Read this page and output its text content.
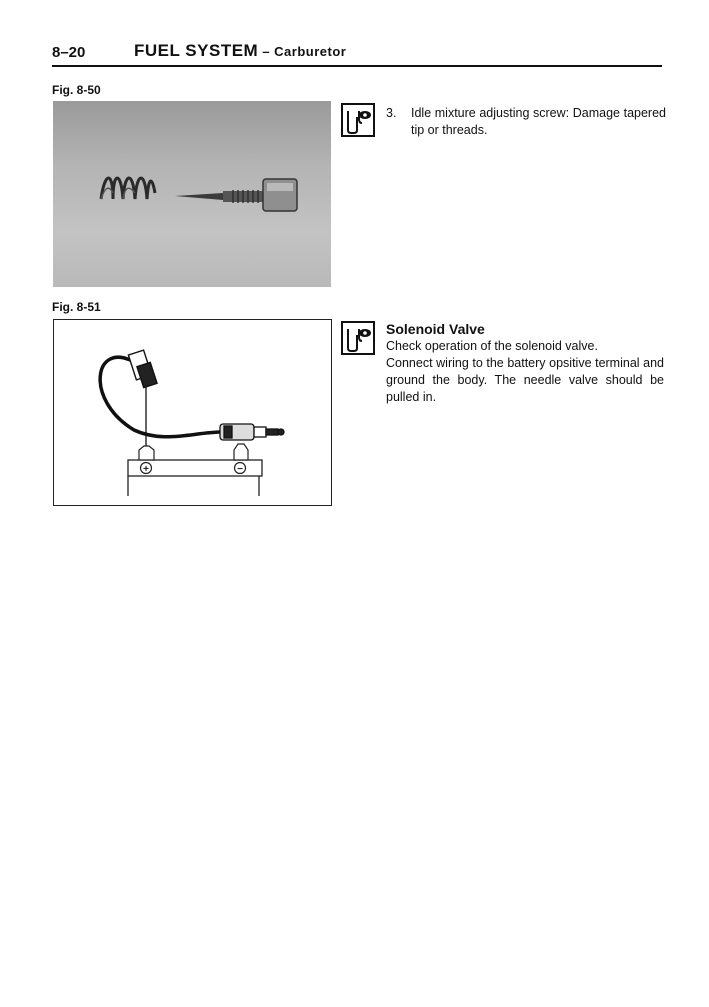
8–20	FUEL SYSTEM – Carburetor
Fig. 8-50
Fig. 8-51
+	−
3. Idle mixture adjusting screw: Damage tapered tip or threads.
Solenoid Valve
Check operation of the solenoid valve.
Connect wiring to the battery opsitive terminal and ground the body. The needle valve should be pulled in.
